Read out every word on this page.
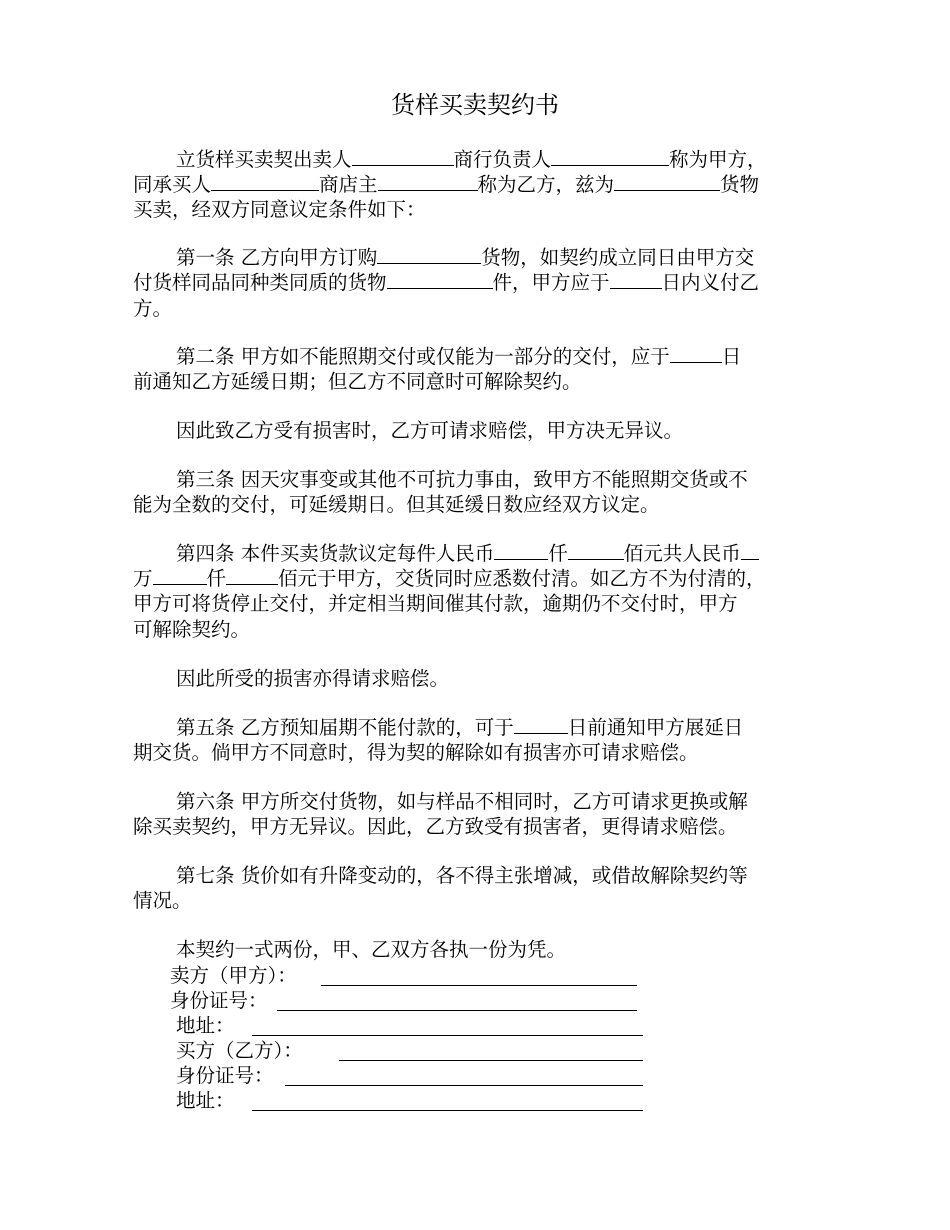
货样买卖契约书
立货样买卖契出卖人	商行负责人	称为甲方，
同承买人	商店主	称为乙方，兹为	货物
买卖，经双方同意议定条件如下：
第一条 乙方向甲方订购	货物，如契约成立同日由甲方交
付货样同品同种类同质的货物	件，甲方应于	日内义付乙
方。
第二条 甲方如不能照期交付或仅能为一部分的交付，应于	日
前通知乙方延缓日期；但乙方不同意时可解除契约。
因此致乙方受有损害时，乙方可请求赔偿，甲方决无异议。
第三条 因天灾事变或其他不可抗力事由，致甲方不能照期交货或不
能为全数的交付，可延缓期日。但其延缓日数应经双方议定。
第四条 本件买卖货款议定每件人民币	仟	佰元共人民币
万	仟	佰元于甲方，交货同时应悉数付清。如乙方不为付清的，
甲方可将货停止交付，并定相当期间催其付款，逾期仍不交付时，甲方
可解除契约。
因此所受的损害亦得请求赔偿。
第五条 乙方预知届期不能付款的，可于	日前通知甲方展延日
期交货。倘甲方不同意时，得为契的解除如有损害亦可请求赔偿。
第六条 甲方所交付货物，如与样品不相同时，乙方可请求更换或解
除买卖契约，甲方无异议。因此，乙方致受有损害者，更得请求赔偿。
第七条 货价如有升降变动的，各不得主张增减，或借故解除契约等
情况。
本契约一式两份，甲、乙双方各执一份为凭。
卖方（甲方）：
身份证号：
地址：
买方（乙方）：
身份证号：
地址：
